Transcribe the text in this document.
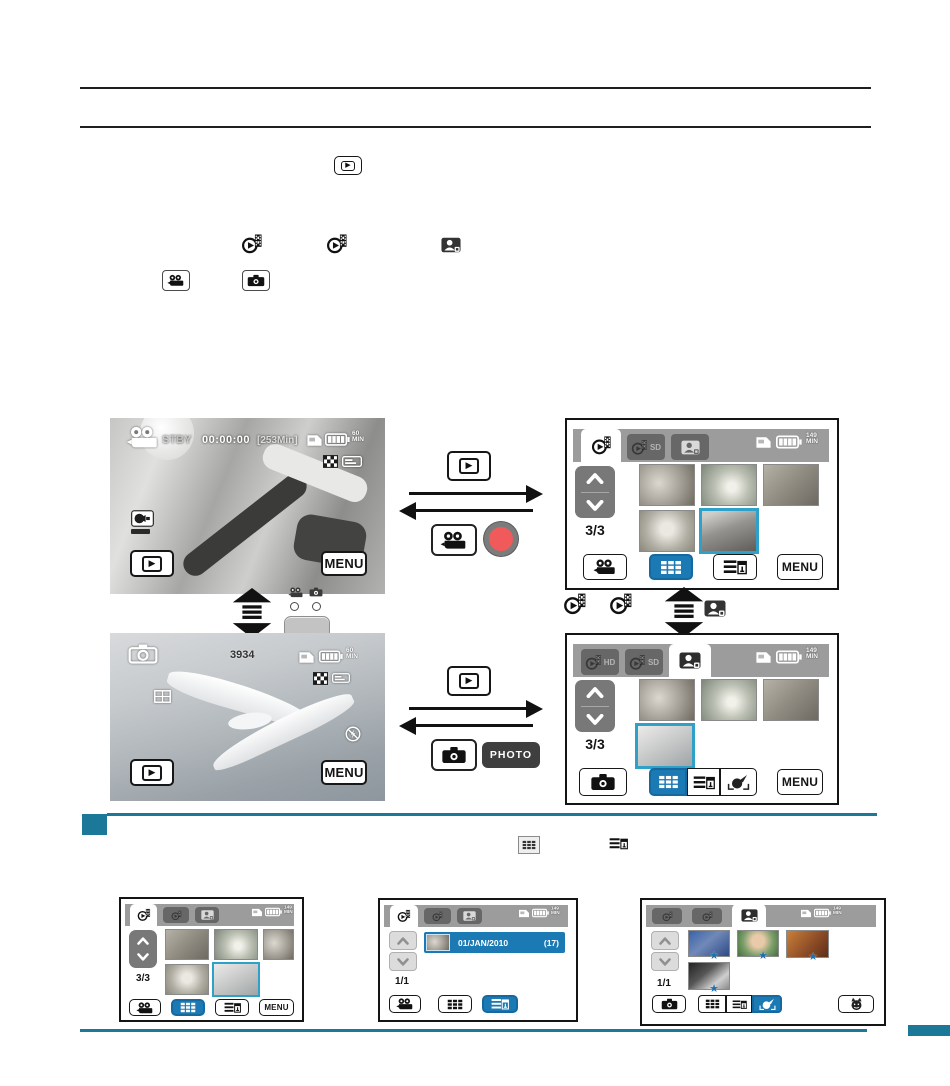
▶
STBY 00:00:00 [253Min]
60
MIN
▶	MENU
SD
149
MIN
3/3
MENU
▶
3934	60
MIN
▶	MENU
HD	SD
149
MIN
3/3
MENU
▶
PHOTO
149
MIN
3/3
MENU
149
MIN
1/1
01/JAN/2010	(17)
149
MIN
1/1
★	★	★
★
